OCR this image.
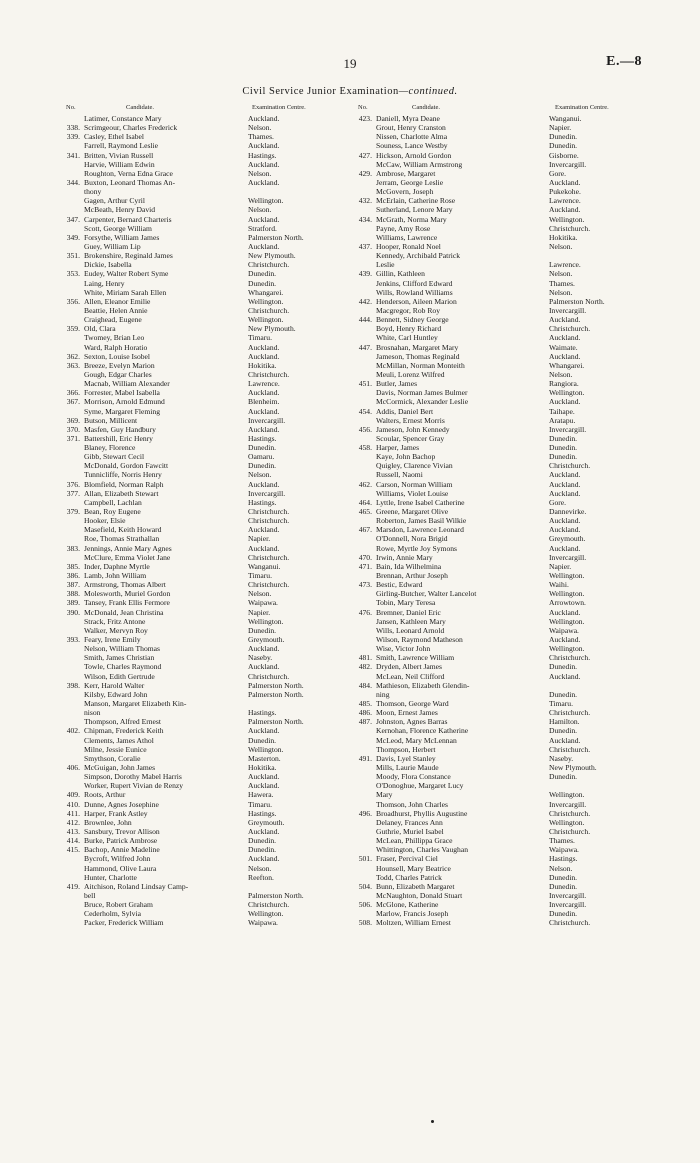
19	E.—8
Civil Service Junior Examination—continued.
No.	Candidate.	Examination Centre.
Latimer, Constance Mary	Auckland.
338. Scrimgeour, Charles Frederick	Nelson.
339. Casley, Ethel Isabel	Thames.
Farrell, Raymond Leslie	Auckland.
341. Britten, Vivian Russell	Hastings.
Harvie, William Edwin	Auckland.
Roughton, Verna Edna Grace	Nelson.
344. Buxton, Leonard Thomas An-	Auckland.
thony
Gagen, Arthur Cyril	Wellington.
McBeath, Henry David	Nelson.
347. Carpenter, Bernard Charteris	Auckland.
Scott, George William	Stratford.
349. Forsythe, William James	Palmerston North.
Guey, William Lip	Auckland.
351. Brokenshire, Reginald James	New Plymouth.
Dickie, Isabella	Christchurch.
353. Eudey, Walter Robert Syme	Dunedin.
Laing, Henry	Dunedin.
White, Miriam Sarah Ellen	Whangarei.
356. Allen, Eleanor Emilie	Wellington.
Beattie, Helen Annie	Christchurch.
Craighead, Eugene	Wellington.
359. Old, Clara	New Plymouth.
Twomey, Brian Leo	Timaru.
Ward, Ralph Horatio	Auckland.
362. Sexton, Louise Isobel	Auckland.
363. Breeze, Evelyn Marion	Hokitika.
Gough, Edgar Charles	Christchurch.
Macnab, William Alexander	Lawrence.
366. Forrester, Mabel Isabella	Auckland.
367. Morrison, Arnold Edmund	Blenheim.
Syme, Margaret Fleming	Auckland.
369. Butson, Millicent	Invercargill.
370. Masfen, Guy Handbury	Auckland.
371. Battershill, Eric Henry	Hastings.
Blaney, Florence	Dunedin.
Gibb, Stewart Cecil	Oamaru.
McDonald, Gordon Fawcitt	Dunedin.
Tunnicliffe, Norris Henry	Nelson.
376. Blomfield, Norman Ralph	Auckland.
377. Allan, Elizabeth Stewart	Invercargill.
Campbell, Lachlan	Hastings.
379. Bean, Roy Eugene	Christchurch.
Hooker, Elsie	Christchurch.
Masefield, Keith Howard	Auckland.
Roe, Thomas Strathallan	Napier.
383. Jennings, Annie Mary Agnes	Auckland.
McClure, Emma Violet Jane	Christchurch.
385. Inder, Daphne Myrtle	Wanganui.
386. Lamb, John William	Timaru.
387. Armstrong, Thomas Albert	Christchurch.
388. Molesworth, Muriel Gordon	Nelson.
389. Tansey, Frank Ellis Fermore	Waipawa.
390. McDonald, Jean Christina	Napier.
Strack, Fritz Antone	Wellington.
Walker, Mervyn Roy	Dunedin.
393. Feary, Irene Emily	Greymouth.
Nelson, William Thomas	Auckland.
Smith, James Christian	Naseby.
Towle, Charles Raymond	Auckland.
Wilson, Edith Gertrude	Christchurch.
398. Kerr, Harold Walter	Palmerston North.
Kilsby, Edward John	Palmerston North.
Manson, Margaret Elizabeth Kin-
nison	Hastings.
Thompson, Alfred Ernest	Palmerston North.
402. Chipman, Frederick Keith	Auckland.
Clements, James Athol	Dunedin.
Milne, Jessie Eunice	Wellington.
Smythson, Coralie	Masterton.
406. McGuigan, John James	Hokitika.
Simpson, Dorothy Mabel Harris	Auckland.
Worker, Rupert Vivian de Renzy	Auckland.
409. Roots, Arthur	Hawera.
410. Dunne, Agnes Josephine	Timaru.
411. Harper, Frank Astley	Hastings.
412. Brownlee, John	Greymouth.
413. Sansbury, Trevor Allison	Auckland.
414. Burke, Patrick Ambrose	Dunedin.
415. Bachop, Annie Madeline	Dunedin.
Bycroft, Wilfred John	Auckland.
Hammond, Olive Laura	Nelson.
Hunter, Charlotte	Reefton.
419. Aitchison, Roland Lindsay Camp-
bell	Palmerston North.
Bruce, Robert Graham	Christchurch.
Cederholm, Sylvia	Wellington.
Packer, Frederick William	Waipawa.
No.	Candidate.	Examination Centre.
423. Daniell, Myra Deane	Wanganui.
Grout, Henry Cranston	Napier.
Nissen, Charlotte Alma	Dunedin.
Souness, Lance Westby	Dunedin.
427. Hickson, Arnold Gordon	Gisborne.
McCaw, William Armstrong	Invercargill.
429. Ambrose, Margaret	Gore.
Jerram, George Leslie	Auckland.
McGovern, Joseph	Pukekohe.
432. McErlain, Catherine Rose	Lawrence.
Sutherland, Lenore Mary	Auckland.
434. McGrath, Norma Mary	Wellington.
Payne, Amy Rose	Christchurch.
Williams, Lawrence	Hokitika.
437. Hooper, Ronald Noel	Nelson.
Kennedy, Archibald Patrick
Leslie	Lawrence.
439. Gillin, Kathleen	Nelson.
Jenkins, Clifford Edward	Thames.
Wills, Rowland Williams	Nelson.
442. Henderson, Aileen Marion	Palmerston North.
Macgregor, Rob Roy	Invercargill.
444. Bennett, Sidney George	Auckland.
Boyd, Henry Richard	Christchurch.
White, Carl Huntley	Auckland.
447. Brosnahan, Margaret Mary	Waimate.
Jameson, Thomas Reginald	Auckland.
McMillan, Norman Monteith	Whangarei.
Meuli, Lorenz Wilfred	Nelson.
451. Butler, James	Rangiora.
Davis, Norman James Bulmer	Wellington.
McCormick, Alexander Leslie	Auckland.
454. Addis, Daniel Bert	Taihape.
Walters, Ernest Morris	Aratapu.
456. Jameson, John Kennedy	Invercargill.
Scoular, Spencer Gray	Dunedin.
458. Harper, James	Dunedin.
Kaye, John Bachop	Dunedin.
Quigley, Clarence Vivian	Christchurch.
Russell, Naomi	Auckland.
462. Carson, Norman William	Auckland.
Williams, Violet Louise	Auckland.
464. Lyttle, Irene Isabel Catherine	Gore.
465. Greene, Margaret Olive	Dannevirke.
Roberton, James Basil Wilkie	Auckland.
467. Marsdon, Lawrence Leonard	Auckland.
O'Donnell, Nora Brigid	Greymouth.
Rowe, Myrtle Joy Symons	Auckland.
470. Irwin, Annie Mary	Invercargill.
471. Bain, Ida Wilhelmina	Napier.
Brennan, Arthur Joseph	Wellington.
473. Bestic, Edward	Waihi.
Girling-Butcher, Walter Lancelot	Wellington.
Tobin, Mary Teresa	Arrowtown.
476. Bremner, Daniel Eric	Auckland.
Jansen, Kathleen Mary	Wellington.
Wills, Leonard Arnold	Waipawa.
Wilson, Raymond Matheson	Auckland.
Wise, Victor John	Wellington.
481. Smith, Lawrence William	Christchurch.
482. Dryden, Albert James	Dunedin.
McLean, Neil Clifford	Auckland.
484. Mathieson, Elizabeth Glendin-
ning	Dunedin.
485. Thomson, George Ward	Timaru.
486. Moon, Ernest James	Christchurch.
487. Johnston, Agnes Barras	Hamilton.
Kernohan, Florence Katherine	Dunedin.
McLeod, Mary McLennan	Auckland.
Thompson, Herbert	Christchurch.
491. Davis, Lyel Stanley	Naseby.
Mills, Laurie Maude	New Plymouth.
Moody, Flora Constance	Dunedin.
O'Donoghue, Margaret Lucy
Mary	Wellington.
Thomson, John Charles	Invercargill.
496. Broadhurst, Phyllis Augustine	Christchurch.
Delaney, Frances Ann	Wellington.
Guthrie, Muriel Isabel	Christchurch.
McLean, Phillippa Grace	Thames.
Whittington, Charles Vaughan	Waipawa.
501. Fraser, Percival Ciel	Hastings.
Hounsell, Mary Beatrice	Nelson.
Todd, Charles Patrick	Dunedin.
504. Bunn, Elizabeth Margaret	Dunedin.
McNaughton, Donald Stuart	Invercargill.
506. McGlone, Katherine	Invercargill.
Marlow, Francis Joseph	Dunedin.
508. Moltzen, William Ernest	Christchurch.
